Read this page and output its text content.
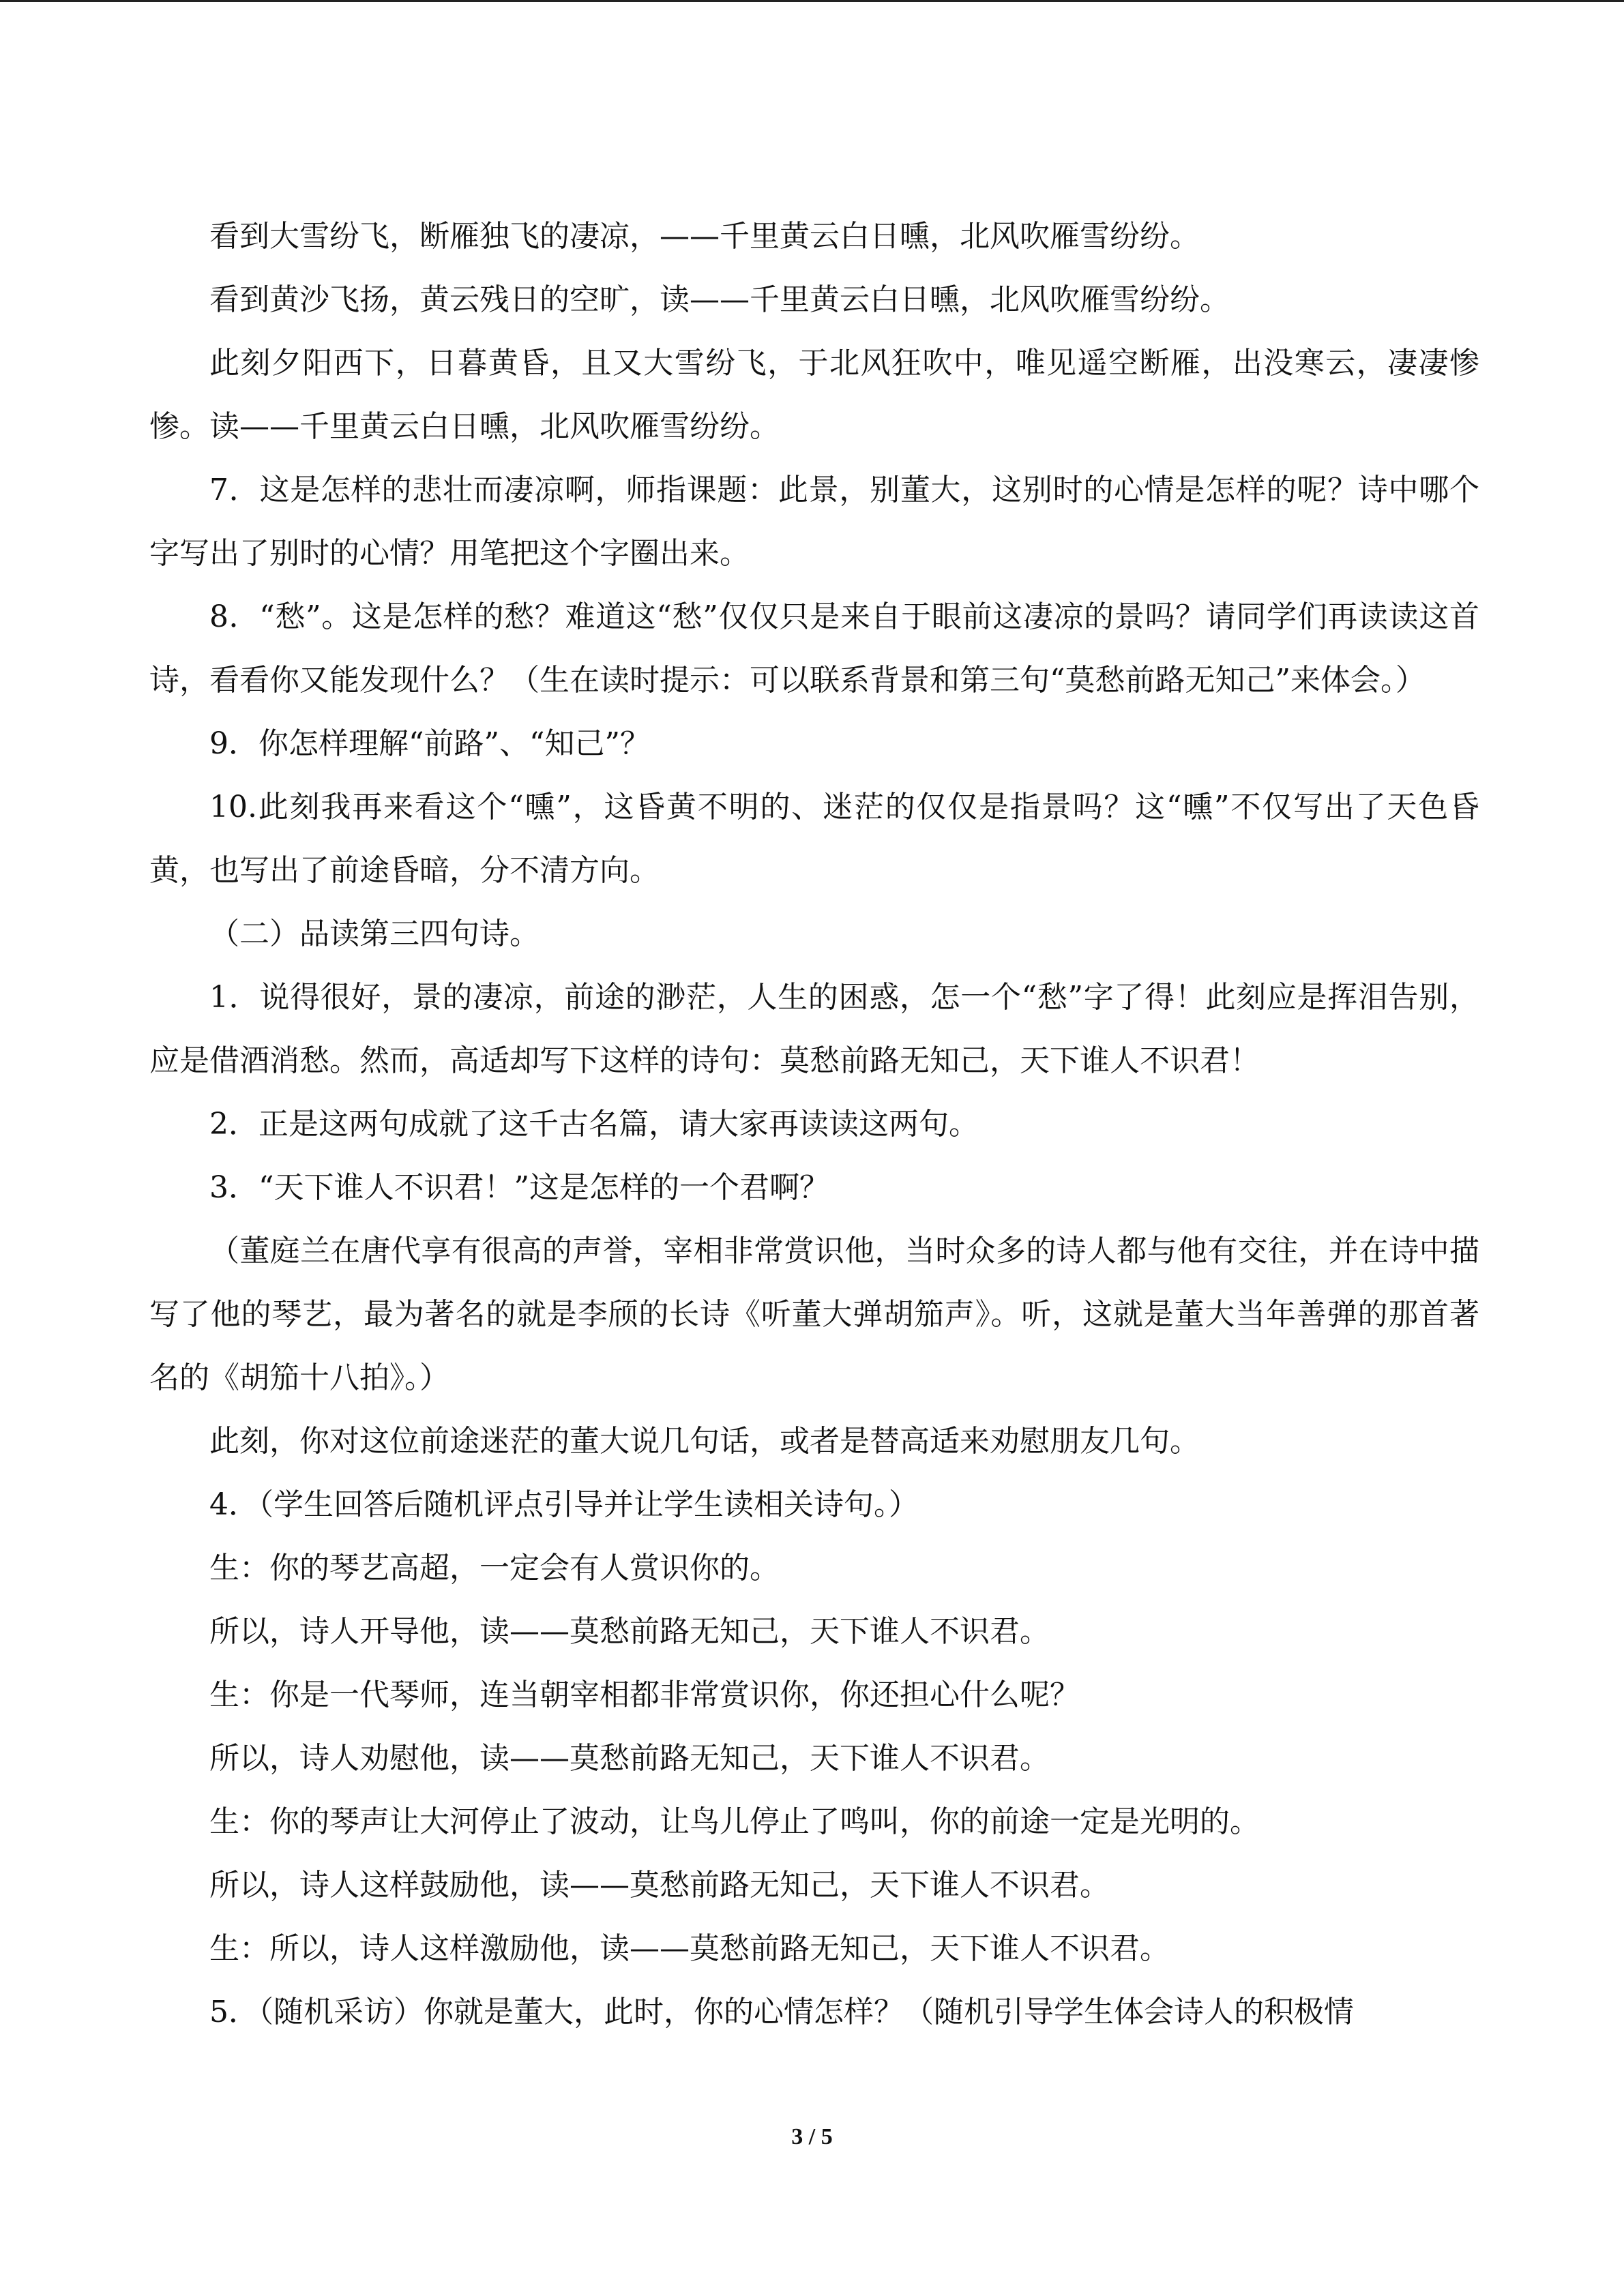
看到大雪纷飞，断雁独飞的凄凉，——千里黄云白日曛，北风吹雁雪纷纷。

看到黄沙飞扬，黄云残日的空旷，读——千里黄云白日曛，北风吹雁雪纷纷。

此刻夕阳西下，日暮黄昏，且又大雪纷飞，于北风狂吹中，唯见遥空断雁，出没寒云，凄凄惨惨。读——千里黄云白日曛，北风吹雁雪纷纷。

7．这是怎样的悲壮而凄凉啊，师指课题：此景，别董大，这别时的心情是怎样的呢？诗中哪个字写出了别时的心情？用笔把这个字圈出来。

8．“愁”。这是怎样的愁？难道这“愁”仅仅只是来自于眼前这凄凉的景吗？请同学们再读读这首诗，看看你又能发现什么？（生在读时提示：可以联系背景和第三句“莫愁前路无知己”来体会。）

9．你怎样理解“前路”、“知己”？

10.此刻我再来看这个“曛”，这昏黄不明的、迷茫的仅仅是指景吗？这“曛”不仅写出了天色昏黄，也写出了前途昏暗，分不清方向。

（二）品读第三四句诗。

1．说得很好，景的凄凉，前途的渺茫，人生的困惑，怎一个“愁”字了得！此刻应是挥泪告别，应是借酒消愁。然而，高适却写下这样的诗句：莫愁前路无知己，天下谁人不识君！

2．正是这两句成就了这千古名篇，请大家再读读这两句。

3．“天下谁人不识君！”这是怎样的一个君啊？

（董庭兰在唐代享有很高的声誉，宰相非常赏识他，当时众多的诗人都与他有交往，并在诗中描写了他的琴艺，最为著名的就是李颀的长诗《听董大弹胡笳声》。听，这就是董大当年善弹的那首著名的《胡笳十八拍》。）

此刻，你对这位前途迷茫的董大说几句话，或者是替高适来劝慰朋友几句。

4．（学生回答后随机评点引导并让学生读相关诗句。）

生：你的琴艺高超，一定会有人赏识你的。

所以，诗人开导他，读——莫愁前路无知己，天下谁人不识君。

生：你是一代琴师，连当朝宰相都非常赏识你，你还担心什么呢？

所以，诗人劝慰他，读——莫愁前路无知己，天下谁人不识君。

生：你的琴声让大河停止了波动，让鸟儿停止了鸣叫，你的前途一定是光明的。

所以，诗人这样鼓励他，读——莫愁前路无知己，天下谁人不识君。

生：所以，诗人这样激励他，读——莫愁前路无知己，天下谁人不识君。

5．（随机采访）你就是董大，此时，你的心情怎样？（随机引导学生体会诗人的积极情

3 / 5
